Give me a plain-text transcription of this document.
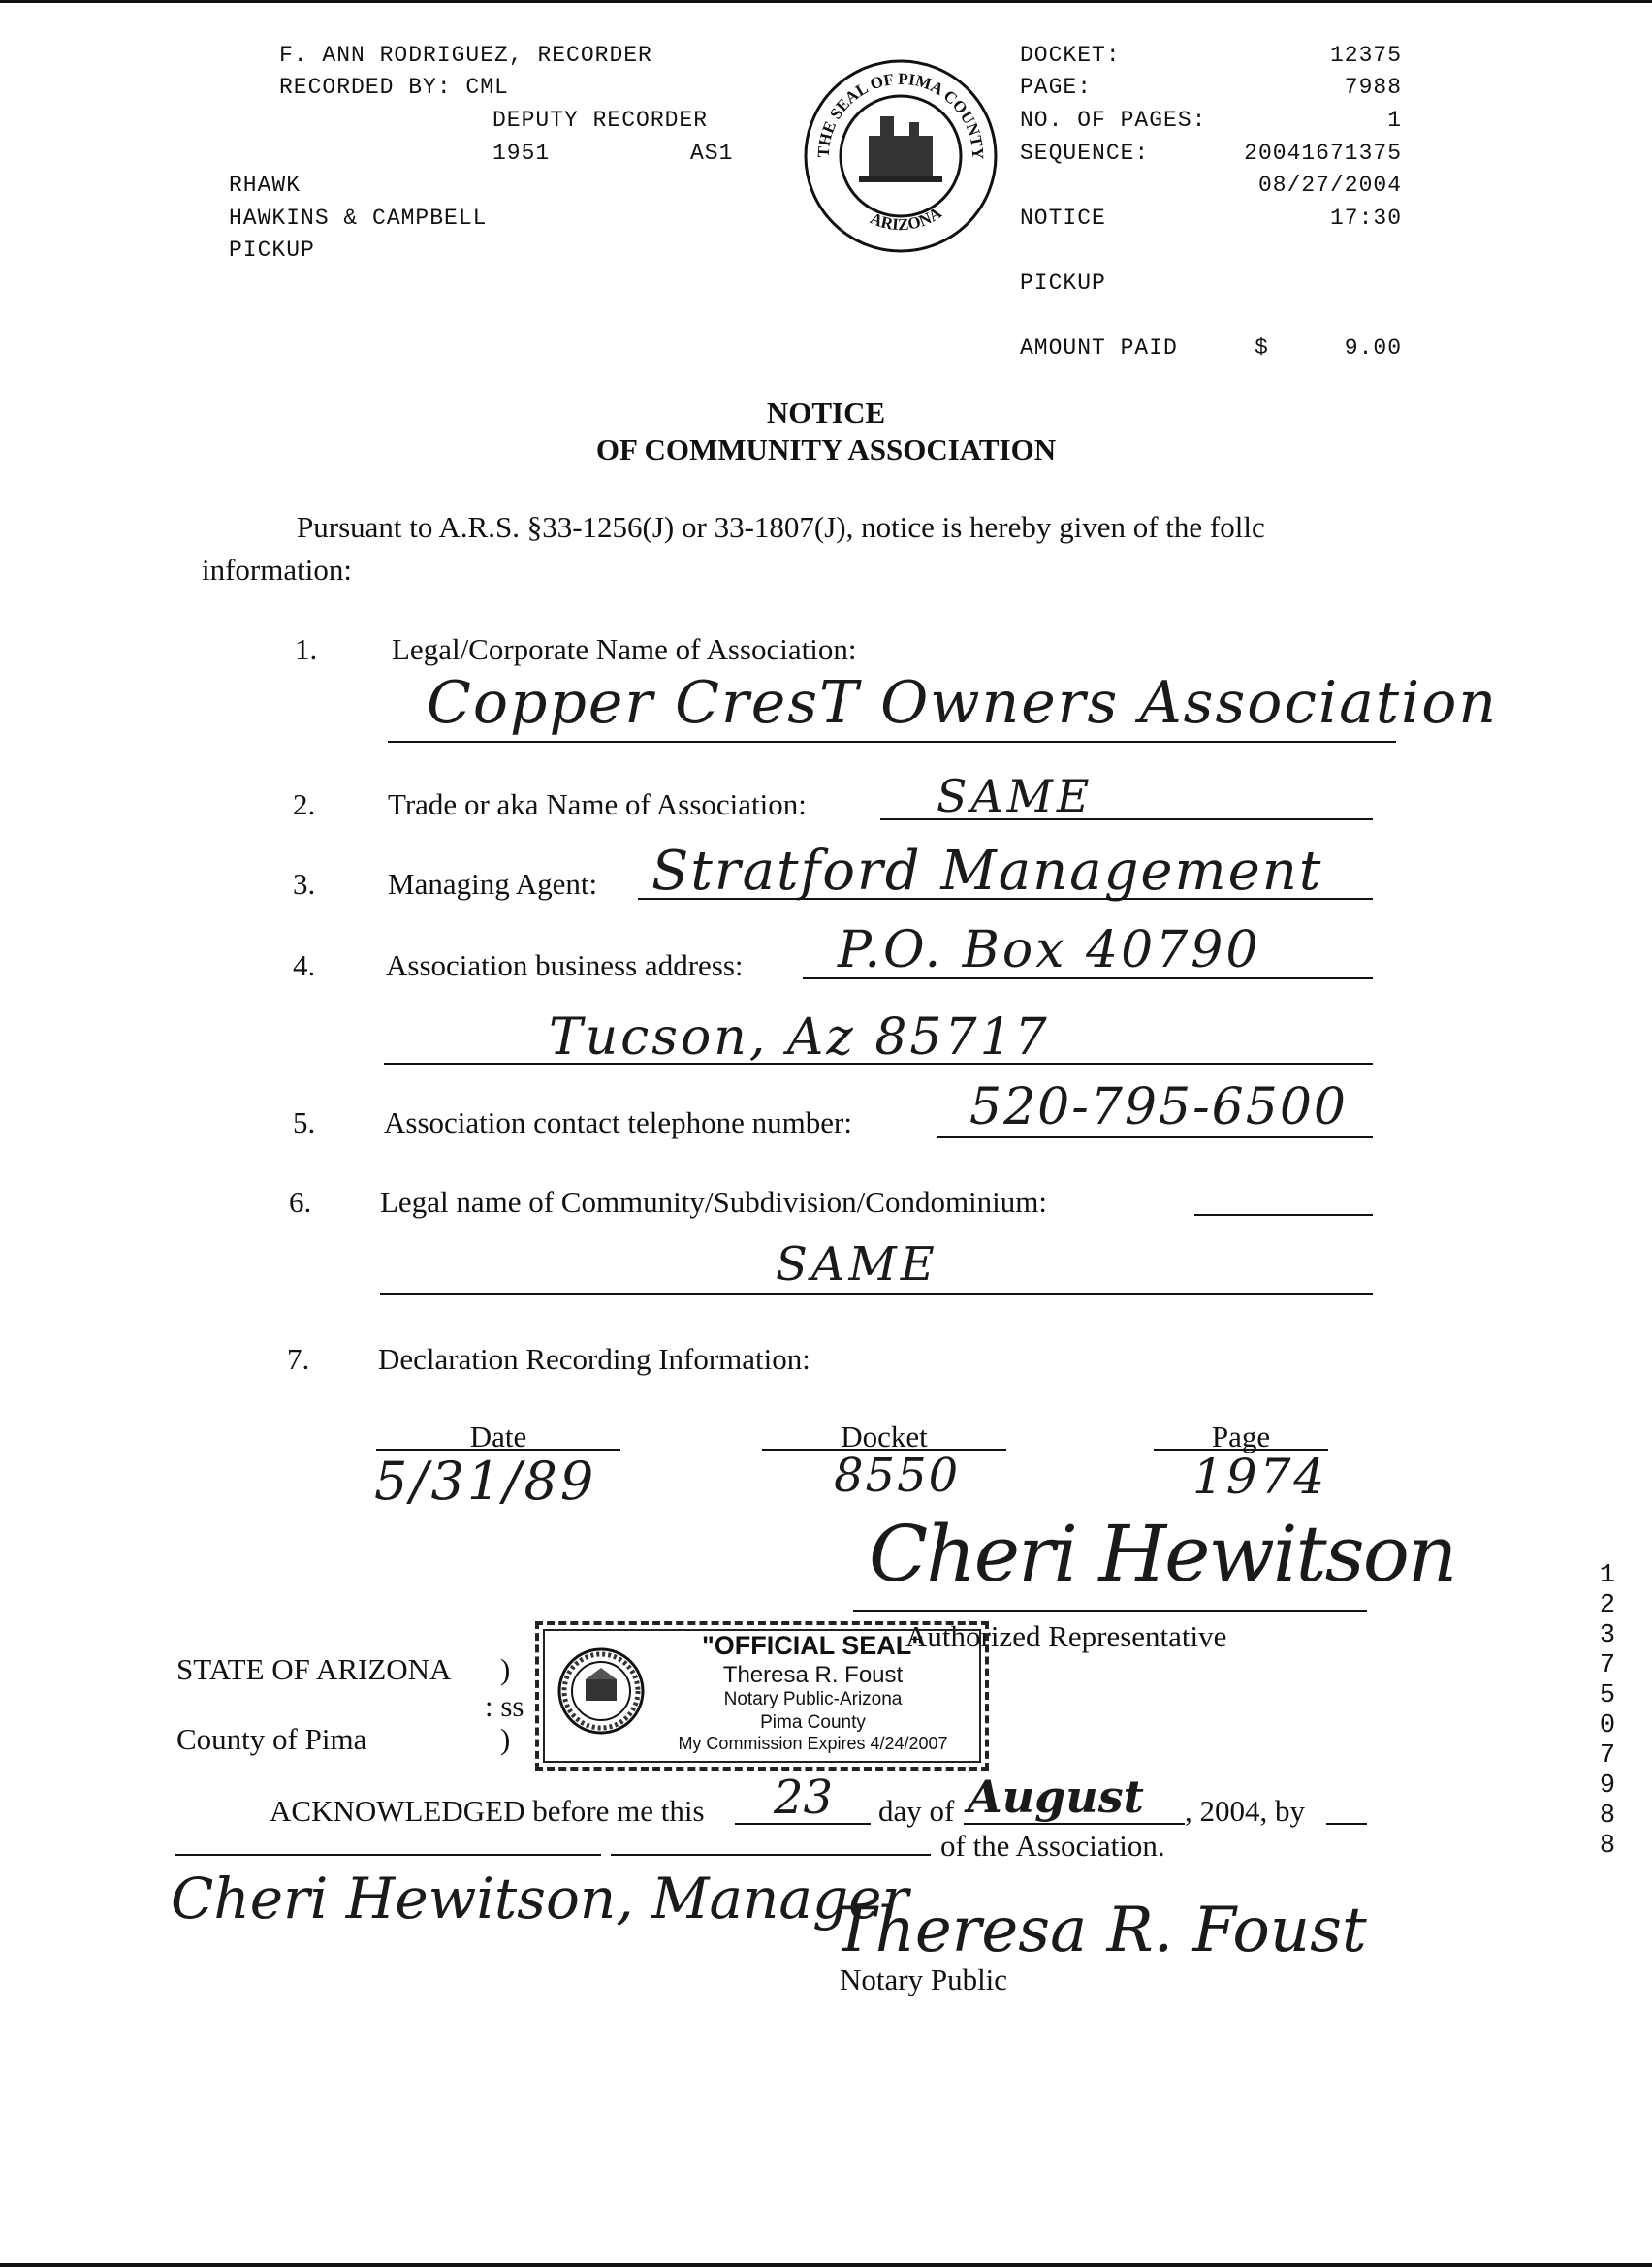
F. ANN RODRIGUEZ, RECORDER
RECORDED BY: CML
DEPUTY RECORDER
1951	AS1
RHAWK
HAWKINS & CAMPBELL
PICKUP
THE SEAL OF PIMA COUNTY
ARIZONA
DOCKET:	12375
PAGE:	7988
NO. OF PAGES:	1
SEQUENCE:	20041671375
08/27/2004
NOTICE	17:30
PICKUP
AMOUNT PAID	$	9.00
NOTICE
OF COMMUNITY ASSOCIATION
Pursuant to A.R.S. §33-1256(J) or 33-1807(J), notice is hereby given of the follc
information:
1. Legal/Corporate Name of Association:
Copper CresT Owners Association
2. Trade or aka Name of Association:	SAME
3. Managing Agent: Stratford Management
4. Association business address: P.O. Box 40790
Tucson, Az 85717
5. Association contact telephone number: 520-795-6500
6. Legal name of Community/Subdivision/Condominium:
SAME
7. Declaration Recording Information:
Date
5/31/89
Docket
8550
Page
1974
Cheri Hewitson
Authorized Representative
STATE OF ARIZONA )
: ss
County of Pima	)
"OFFICIAL SEAL"
Theresa R. Foust
Notary Public-Arizona
Pima County
My Commission Expires 4/24/2007
ACKNOWLEDGED before me this 23 day of August , 2004, by
of the Association.
Cheri Hewitson, Manager
Theresa R. Foust
Notary Public
1 2 3 7 5 0 7 9 8 8
